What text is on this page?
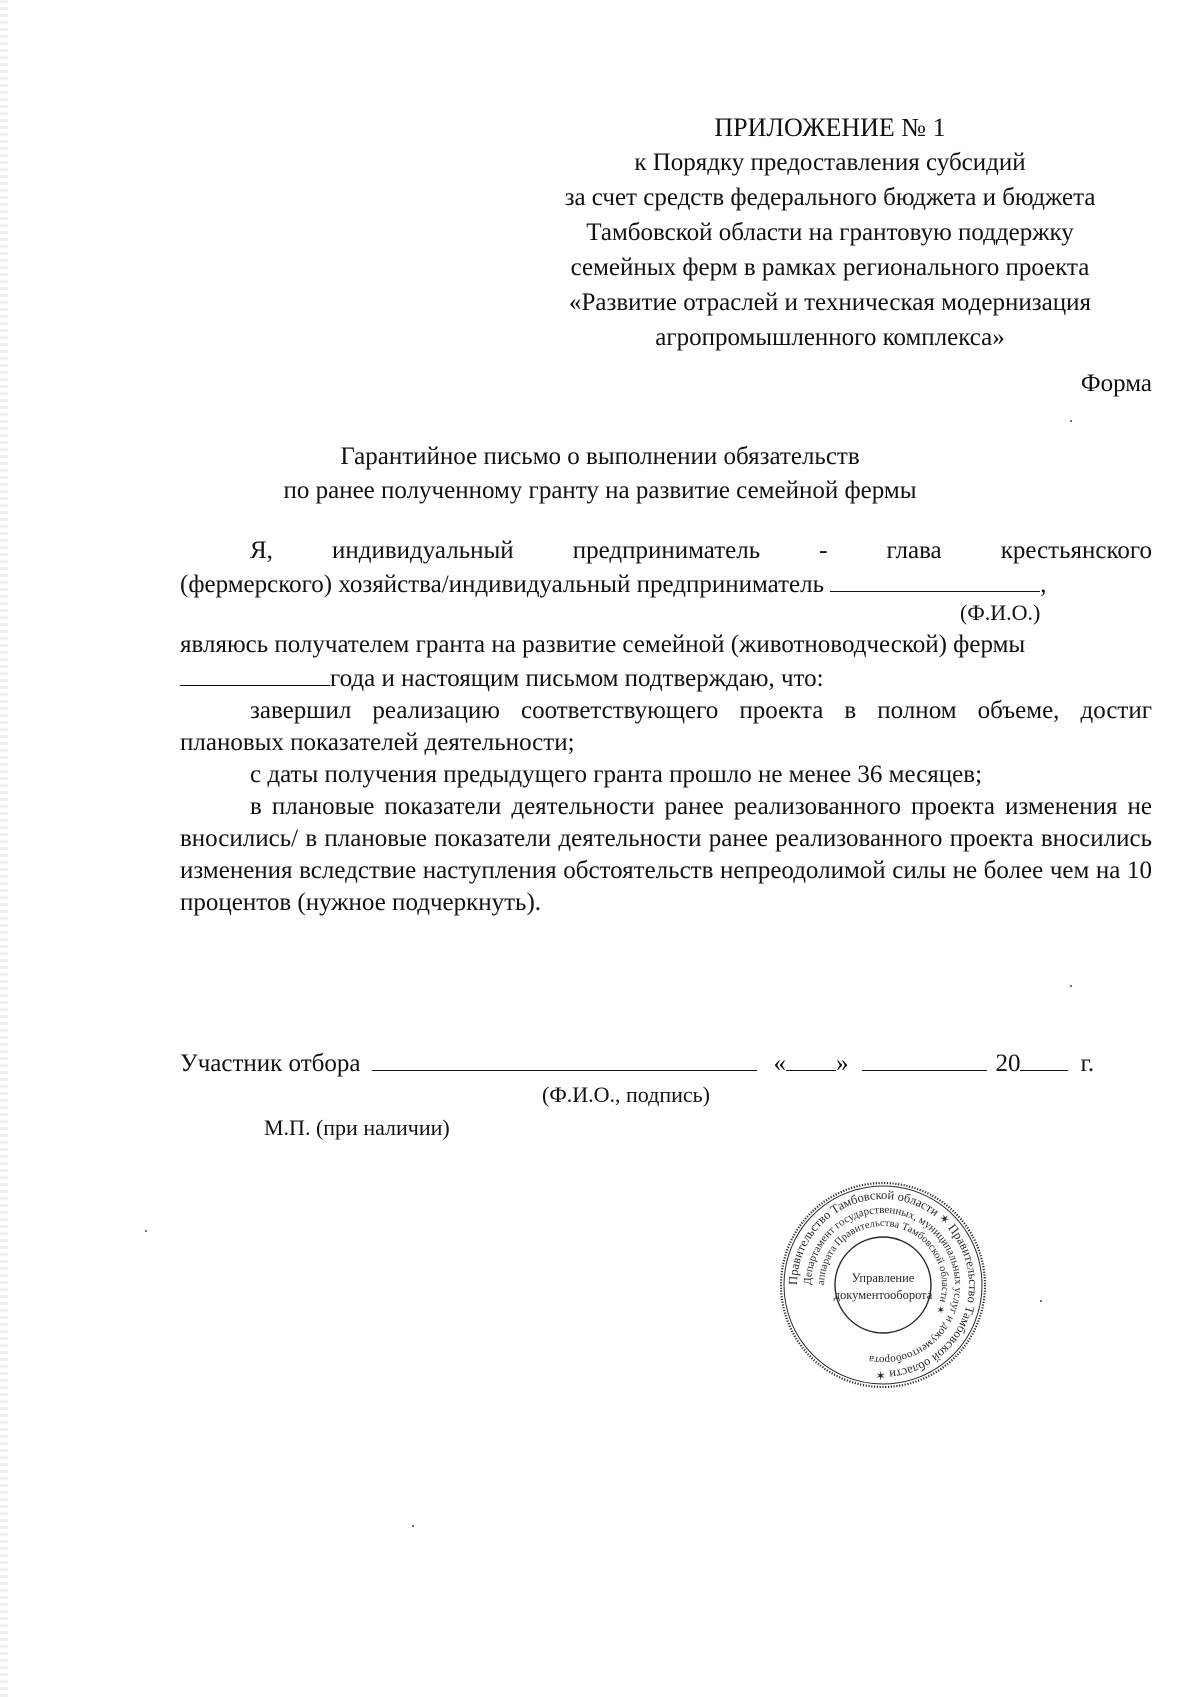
ПРИЛОЖЕНИЕ № 1
к Порядку предоставления субсидий
за счет средств федерального бюджета и бюджета
Тамбовской области на грантовую поддержку
семейных ферм в рамках регионального проекта
«Развитие отраслей и техническая модернизация
агропромышленного комплекса»
Форма
Гарантийное письмо о выполнении обязательств
по ранее полученному гранту на развитие семейной фермы
Я, индивидуальный предприниматель - глава крестьянского
(фермерского) хозяйства/индивидуальный предприниматель	,
(Ф.И.О.)
являюсь получателем гранта на развитие семейной (животноводческой) фермы
года и настоящим письмом подтверждаю, что:

завершил реализацию соответствующего проекта в полном объеме, достиг плановых показателей деятельности;

с даты получения предыдущего гранта прошло не менее 36 месяцев;

в плановые показатели деятельности ранее реализованного проекта изменения не вносились/ в плановые показатели деятельности ранее реализованного проекта вносились изменения вследствие наступления обстоятельств непреодолимой силы не более чем на 10 процентов (нужное подчеркнуть).

Участник отбора	« »	20 г.
(Ф.И.О., подпись)
М.П. (при наличии)
Правительство Тамбовской области ✶ Правительство Тамбовской области ✶
Департамент государственных, муниципальных услуг и документооборота
аппарата Правительства Тамбовской области ✶
Управление
документооборота
